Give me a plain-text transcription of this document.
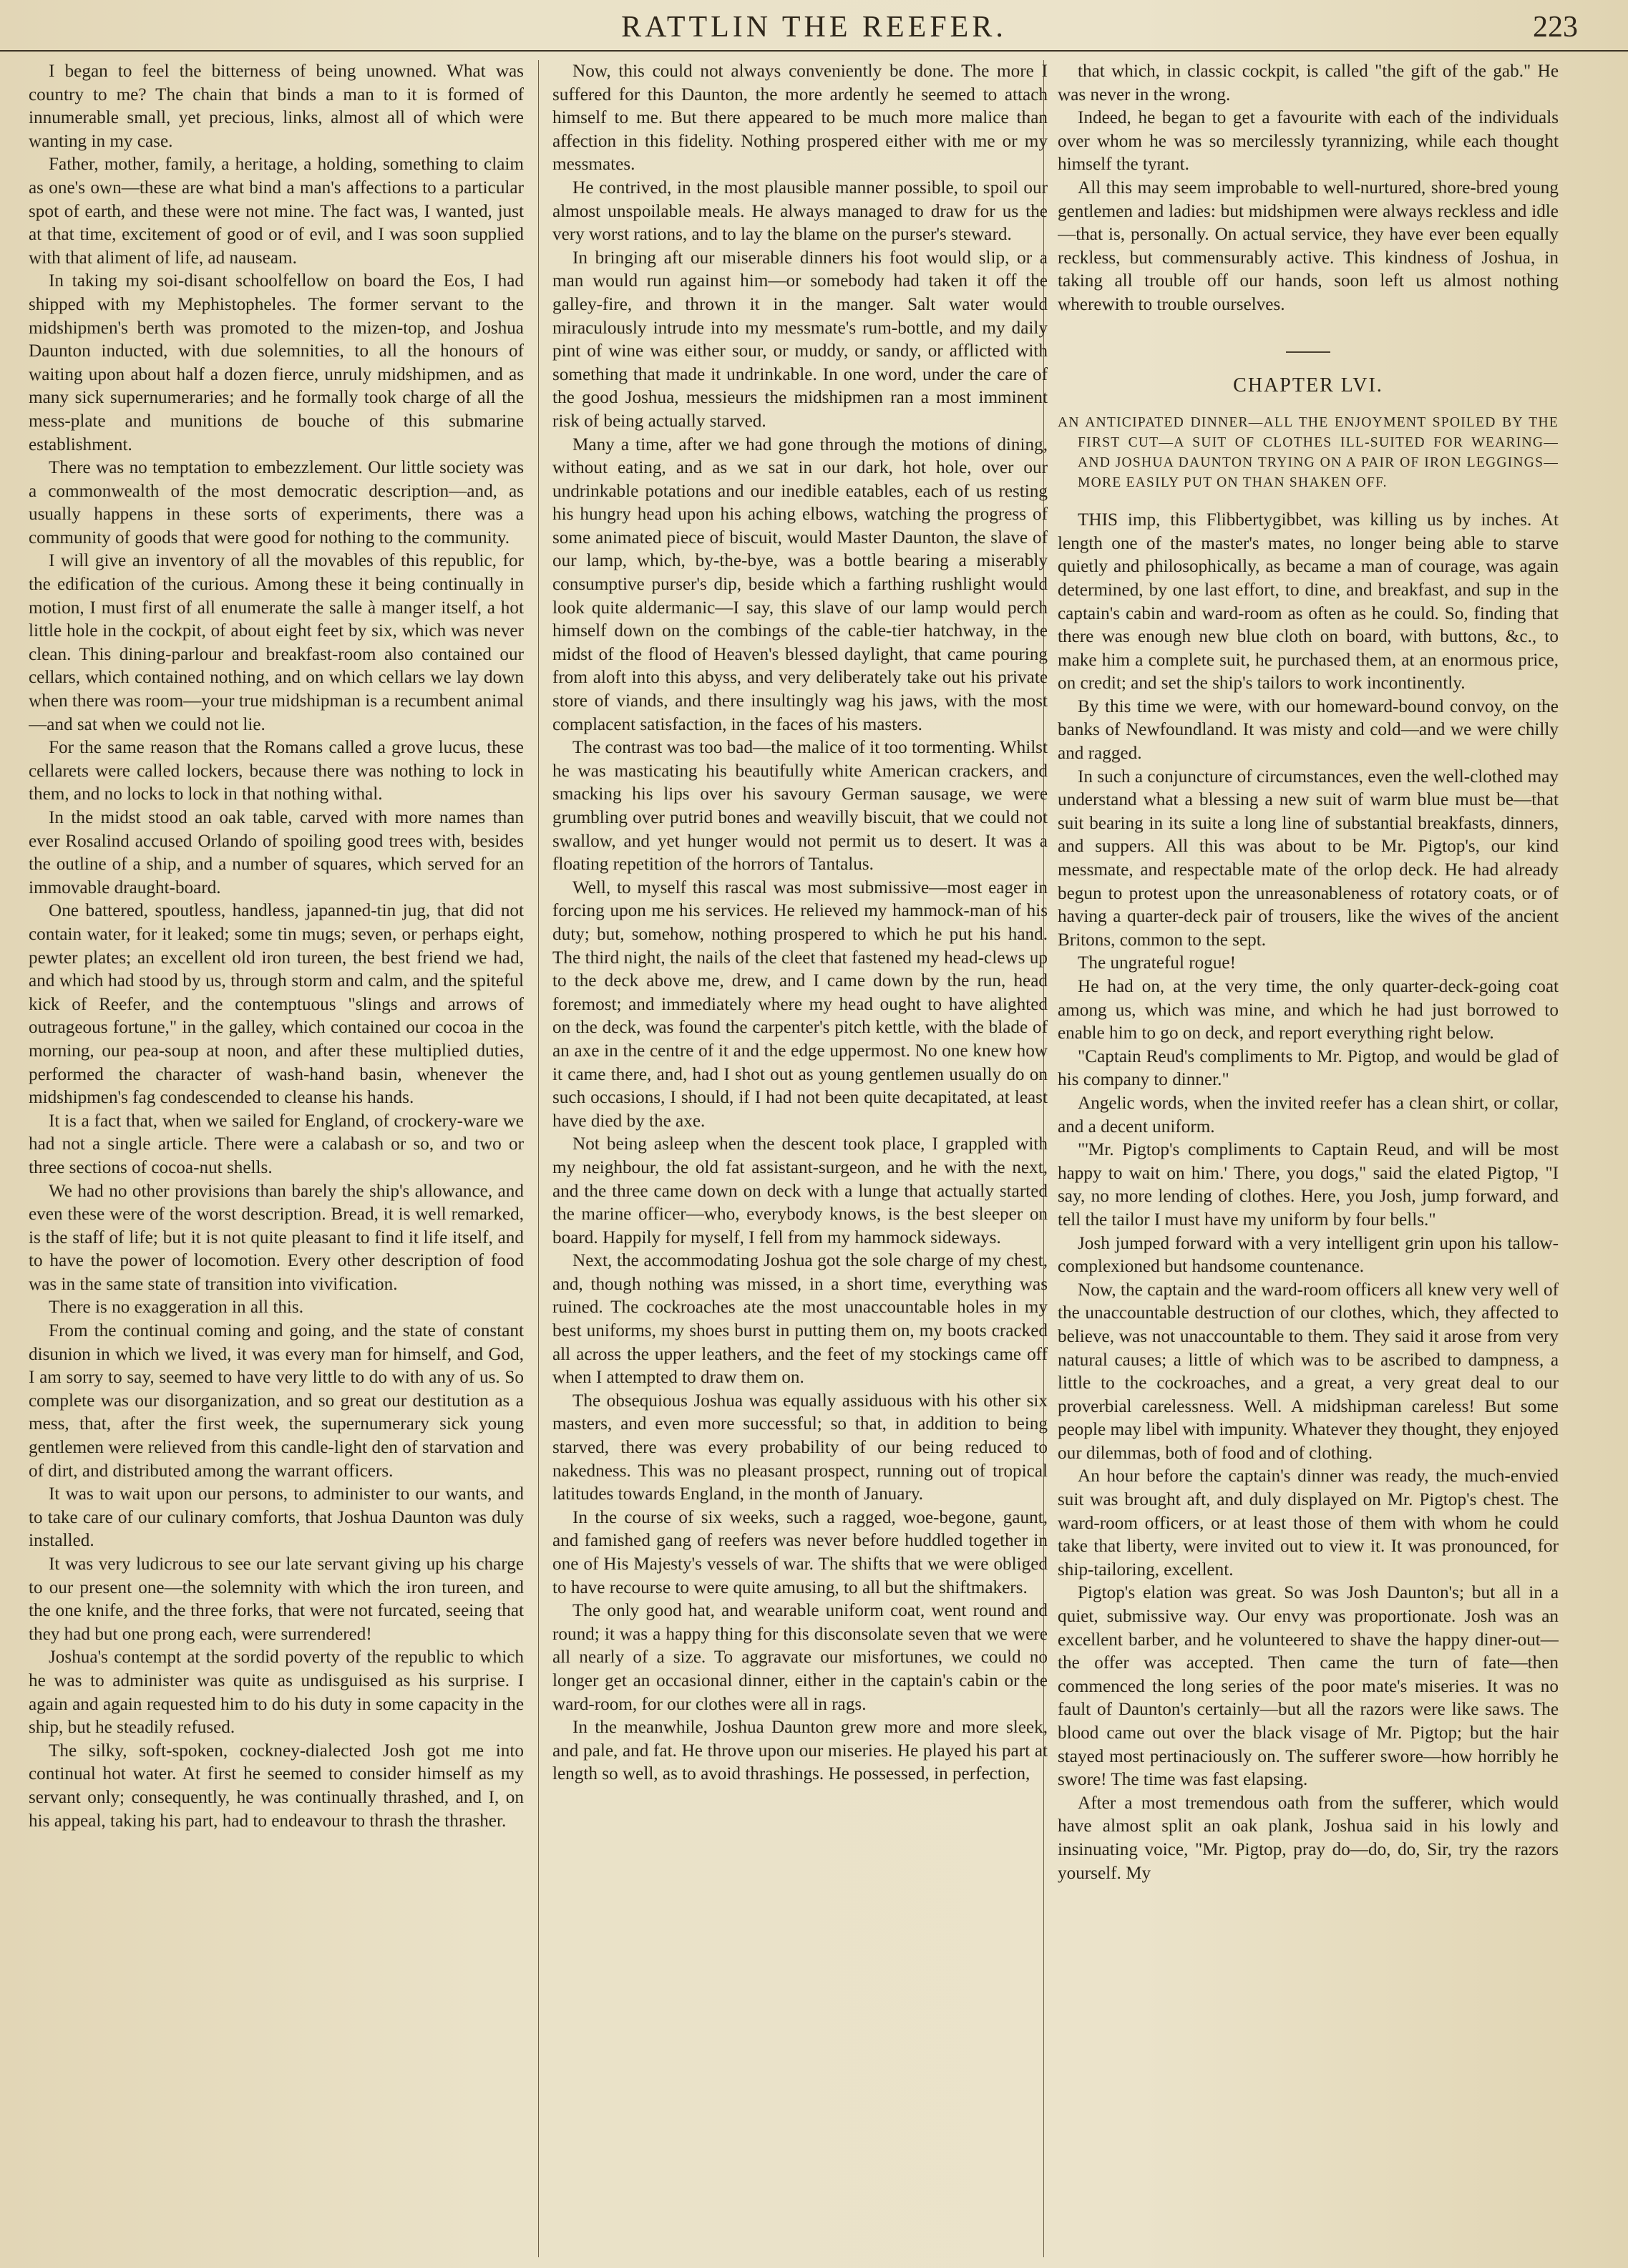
RATTLIN THE REEFER.	223

I began to feel the bitterness of being unowned. What was country to me? The chain that binds a man to it is formed of innumerable small, yet precious, links, almost all of which were wanting in my case.

Father, mother, family, a heritage, a holding, something to claim as one's own—these are what bind a man's affections to a particular spot of earth, and these were not mine. The fact was, I wanted, just at that time, excitement of good or of evil, and I was soon supplied with that aliment of life, ad nauseam.

In taking my soi-disant schoolfellow on board the Eos, I had shipped with my Mephistopheles. The former servant to the midshipmen's berth was promoted to the mizen-top, and Joshua Daunton inducted, with due solemnities, to all the honours of waiting upon about half a dozen fierce, unruly midshipmen, and as many sick supernumeraries; and he formally took charge of all the mess-plate and munitions de bouche of this submarine establishment.

There was no temptation to embezzlement. Our little society was a commonwealth of the most democratic description—and, as usually happens in these sorts of experiments, there was a community of goods that were good for nothing to the community.

I will give an inventory of all the movables of this republic, for the edification of the curious. Among these it being continually in motion, I must first of all enumerate the salle à manger itself, a hot little hole in the cockpit, of about eight feet by six, which was never clean. This dining-parlour and breakfast-room also contained our cellars, which contained nothing, and on which cellars we lay down when there was room—your true midshipman is a recumbent animal—and sat when we could not lie.

For the same reason that the Romans called a grove lucus, these cellarets were called lockers, because there was nothing to lock in them, and no locks to lock in that nothing withal.

In the midst stood an oak table, carved with more names than ever Rosalind accused Orlando of spoiling good trees with, besides the outline of a ship, and a number of squares, which served for an immovable draught-board.

One battered, spoutless, handless, japanned-tin jug, that did not contain water, for it leaked; some tin mugs; seven, or perhaps eight, pewter plates; an excellent old iron tureen, the best friend we had, and which had stood by us, through storm and calm, and the spiteful kick of Reefer, and the contemptuous "slings and arrows of outrageous fortune," in the galley, which contained our cocoa in the morning, our pea-soup at noon, and after these multiplied duties, performed the character of wash-hand basin, whenever the midshipmen's fag condescended to cleanse his hands.

It is a fact that, when we sailed for England, of crockery-ware we had not a single article. There were a calabash or so, and two or three sections of cocoa-nut shells.

We had no other provisions than barely the ship's allowance, and even these were of the worst description. Bread, it is well remarked, is the staff of life; but it is not quite pleasant to find it life itself, and to have the power of locomotion. Every other description of food was in the same state of transition into vivification.

There is no exaggeration in all this.

From the continual coming and going, and the state of constant disunion in which we lived, it was every man for himself, and God, I am sorry to say, seemed to have very little to do with any of us. So complete was our disorganization, and so great our destitution as a mess, that, after the first week, the supernumerary sick young gentlemen were relieved from this candle-light den of starvation and of dirt, and distributed among the warrant officers.

It was to wait upon our persons, to administer to our wants, and to take care of our culinary comforts, that Joshua Daunton was duly installed.

It was very ludicrous to see our late servant giving up his charge to our present one—the solemnity with which the iron tureen, and the one knife, and the three forks, that were not furcated, seeing that they had but one prong each, were surrendered!

Joshua's contempt at the sordid poverty of the republic to which he was to administer was quite as undisguised as his surprise. I again and again requested him to do his duty in some capacity in the ship, but he steadily refused.

The silky, soft-spoken, cockney-dialected Josh got me into continual hot water. At first he seemed to consider himself as my servant only; consequently, he was continually thrashed, and I, on his appeal, taking his part, had to endeavour to thrash the thrasher.

Now, this could not always conveniently be done. The more I suffered for this Daunton, the more ardently he seemed to attach himself to me. But there appeared to be much more malice than affection in this fidelity. Nothing prospered either with me or my messmates.

He contrived, in the most plausible manner possible, to spoil our almost unspoilable meals. He always managed to draw for us the very worst rations, and to lay the blame on the purser's steward.

In bringing aft our miserable dinners his foot would slip, or a man would run against him—or somebody had taken it off the galley-fire, and thrown it in the manger. Salt water would miraculously intrude into my messmate's rum-bottle, and my daily pint of wine was either sour, or muddy, or sandy, or afflicted with something that made it undrinkable. In one word, under the care of the good Joshua, messieurs the midshipmen ran a most imminent risk of being actually starved.

Many a time, after we had gone through the motions of dining, without eating, and as we sat in our dark, hot hole, over our undrinkable potations and our inedible eatables, each of us resting his hungry head upon his aching elbows, watching the progress of some animated piece of biscuit, would Master Daunton, the slave of our lamp, which, by-the-bye, was a bottle bearing a miserably consumptive purser's dip, beside which a farthing rushlight would look quite aldermanic—I say, this slave of our lamp would perch himself down on the combings of the cable-tier hatchway, in the midst of the flood of Heaven's blessed daylight, that came pouring from aloft into this abyss, and very deliberately take out his private store of viands, and there insultingly wag his jaws, with the most complacent satisfaction, in the faces of his masters.

The contrast was too bad—the malice of it too tormenting. Whilst he was masticating his beautifully white American crackers, and smacking his lips over his savoury German sausage, we were grumbling over putrid bones and weavilly biscuit, that we could not swallow, and yet hunger would not permit us to desert. It was a floating repetition of the horrors of Tantalus.

Well, to myself this rascal was most submissive—most eager in forcing upon me his services. He relieved my hammock-man of his duty; but, somehow, nothing prospered to which he put his hand. The third night, the nails of the cleet that fastened my head-clews up to the deck above me, drew, and I came down by the run, head foremost; and immediately where my head ought to have alighted on the deck, was found the carpenter's pitch kettle, with the blade of an axe in the centre of it and the edge uppermost. No one knew how it came there, and, had I shot out as young gentlemen usually do on such occasions, I should, if I had not been quite decapitated, at least have died by the axe.

Not being asleep when the descent took place, I grappled with my neighbour, the old fat assistant-surgeon, and he with the next, and the three came down on deck with a lunge that actually started the marine officer—who, everybody knows, is the best sleeper on board. Happily for myself, I fell from my hammock sideways.

Next, the accommodating Joshua got the sole charge of my chest, and, though nothing was missed, in a short time, everything was ruined. The cockroaches ate the most unaccountable holes in my best uniforms, my shoes burst in putting them on, my boots cracked all across the upper leathers, and the feet of my stockings came off when I attempted to draw them on.

The obsequious Joshua was equally assiduous with his other six masters, and even more successful; so that, in addition to being starved, there was every probability of our being reduced to nakedness. This was no pleasant prospect, running out of tropical latitudes towards England, in the month of January.

In the course of six weeks, such a ragged, woe-begone, gaunt, and famished gang of reefers was never before huddled together in one of His Majesty's vessels of war. The shifts that we were obliged to have recourse to were quite amusing, to all but the shiftmakers.

The only good hat, and wearable uniform coat, went round and round; it was a happy thing for this disconsolate seven that we were all nearly of a size. To aggravate our misfortunes, we could no longer get an occasional dinner, either in the captain's cabin or the ward-room, for our clothes were all in rags.

In the meanwhile, Joshua Daunton grew more and more sleek, and pale, and fat. He throve upon our miseries. He played his part at length so well, as to avoid thrashings. He possessed, in perfection,

that which, in classic cockpit, is called "the gift of the gab." He was never in the wrong.

Indeed, he began to get a favourite with each of the individuals over whom he was so mercilessly tyrannizing, while each thought himself the tyrant.

All this may seem improbable to well-nurtured, shore-bred young gentlemen and ladies: but midshipmen were always reckless and idle—that is, personally. On actual service, they have ever been equally reckless, but commensurably active. This kindness of Joshua, in taking all trouble off our hands, soon left us almost nothing wherewith to trouble ourselves.

CHAPTER LVI.
AN ANTICIPATED DINNER—ALL THE ENJOYMENT SPOILED BY THE FIRST CUT—A SUIT OF CLOTHES ILL-SUITED FOR WEARING—AND JOSHUA DAUNTON TRYING ON A PAIR OF IRON LEGGINGS—MORE EASILY PUT ON THAN SHAKEN OFF.

THIS imp, this Flibbertygibbet, was killing us by inches. At length one of the master's mates, no longer being able to starve quietly and philosophically, as became a man of courage, was again determined, by one last effort, to dine, and breakfast, and sup in the captain's cabin and ward-room as often as he could. So, finding that there was enough new blue cloth on board, with buttons, &c., to make him a complete suit, he purchased them, at an enormous price, on credit; and set the ship's tailors to work incontinently.

By this time we were, with our homeward-bound convoy, on the banks of Newfoundland. It was misty and cold—and we were chilly and ragged.

In such a conjuncture of circumstances, even the well-clothed may understand what a blessing a new suit of warm blue must be—that suit bearing in its suite a long line of substantial breakfasts, dinners, and suppers. All this was about to be Mr. Pigtop's, our kind messmate, and respectable mate of the orlop deck. He had already begun to protest upon the unreasonableness of rotatory coats, or of having a quarter-deck pair of trousers, like the wives of the ancient Britons, common to the sept.

The ungrateful rogue!

He had on, at the very time, the only quarter-deck-going coat among us, which was mine, and which he had just borrowed to enable him to go on deck, and report everything right below.

"Captain Reud's compliments to Mr. Pigtop, and would be glad of his company to dinner."

Angelic words, when the invited reefer has a clean shirt, or collar, and a decent uniform.

"'Mr. Pigtop's compliments to Captain Reud, and will be most happy to wait on him.' There, you dogs," said the elated Pigtop, "I say, no more lending of clothes. Here, you Josh, jump forward, and tell the tailor I must have my uniform by four bells."

Josh jumped forward with a very intelligent grin upon his tallow-complexioned but handsome countenance.

Now, the captain and the ward-room officers all knew very well of the unaccountable destruction of our clothes, which, they affected to believe, was not unaccountable to them. They said it arose from very natural causes; a little of which was to be ascribed to dampness, a little to the cockroaches, and a great, a very great deal to our proverbial carelessness. Well. A midshipman careless! But some people may libel with impunity. Whatever they thought, they enjoyed our dilemmas, both of food and of clothing.

An hour before the captain's dinner was ready, the much-envied suit was brought aft, and duly displayed on Mr. Pigtop's chest. The ward-room officers, or at least those of them with whom he could take that liberty, were invited out to view it. It was pronounced, for ship-tailoring, excellent.

Pigtop's elation was great. So was Josh Daunton's; but all in a quiet, submissive way. Our envy was proportionate. Josh was an excellent barber, and he volunteered to shave the happy diner-out—the offer was accepted. Then came the turn of fate—then commenced the long series of the poor mate's miseries. It was no fault of Daunton's certainly—but all the razors were like saws. The blood came out over the black visage of Mr. Pigtop; but the hair stayed most pertinaciously on. The sufferer swore—how horribly he swore! The time was fast elapsing.

After a most tremendous oath from the sufferer, which would have almost split an oak plank, Joshua said in his lowly and insinuating voice, "Mr. Pigtop, pray do—do, do, Sir, try the razors yourself. My
